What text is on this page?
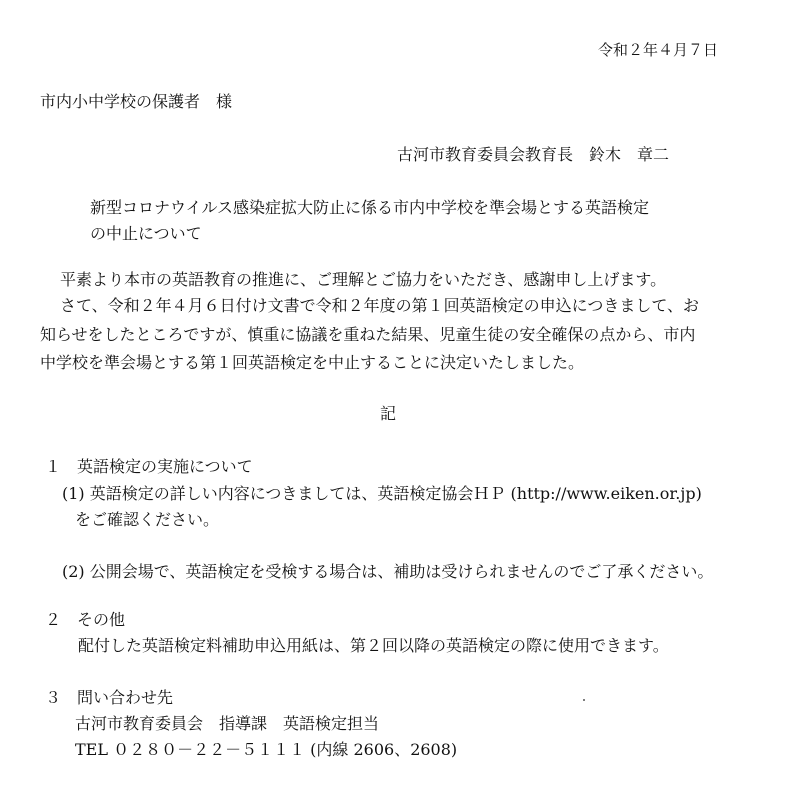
令和２年４月７日
市内小中学校の保護者　様
古河市教育委員会教育長　鈴木　章二
新型コロナウイルス感染症拡大防止に係る市内中学校を準会場とする英語検定
の中止について
平素より本市の英語教育の推進に、ご理解とご協力をいただき、感謝申し上げます。
さて、令和２年４月６日付け文書で令和２年度の第１回英語検定の申込につきまして、お
知らせをしたところですが、慎重に協議を重ねた結果、児童生徒の安全確保の点から、市内
中学校を準会場とする第１回英語検定を中止することに決定いたしました。
記
１　英語検定の実施について
(1) 英語検定の詳しい内容につきましては、英語検定協会ＨＰ (http://www.eiken.or.jp)
をご確認ください。
(2) 公開会場で、英語検定を受検する場合は、補助は受けられませんのでご了承ください。
２　その他
配付した英語検定料補助申込用紙は、第２回以降の英語検定の際に使用できます。
３　問い合わせ先
古河市教育委員会　指導課　英語検定担当
TEL ０２８０－２２－５１１１ (内線 2606、2608)
